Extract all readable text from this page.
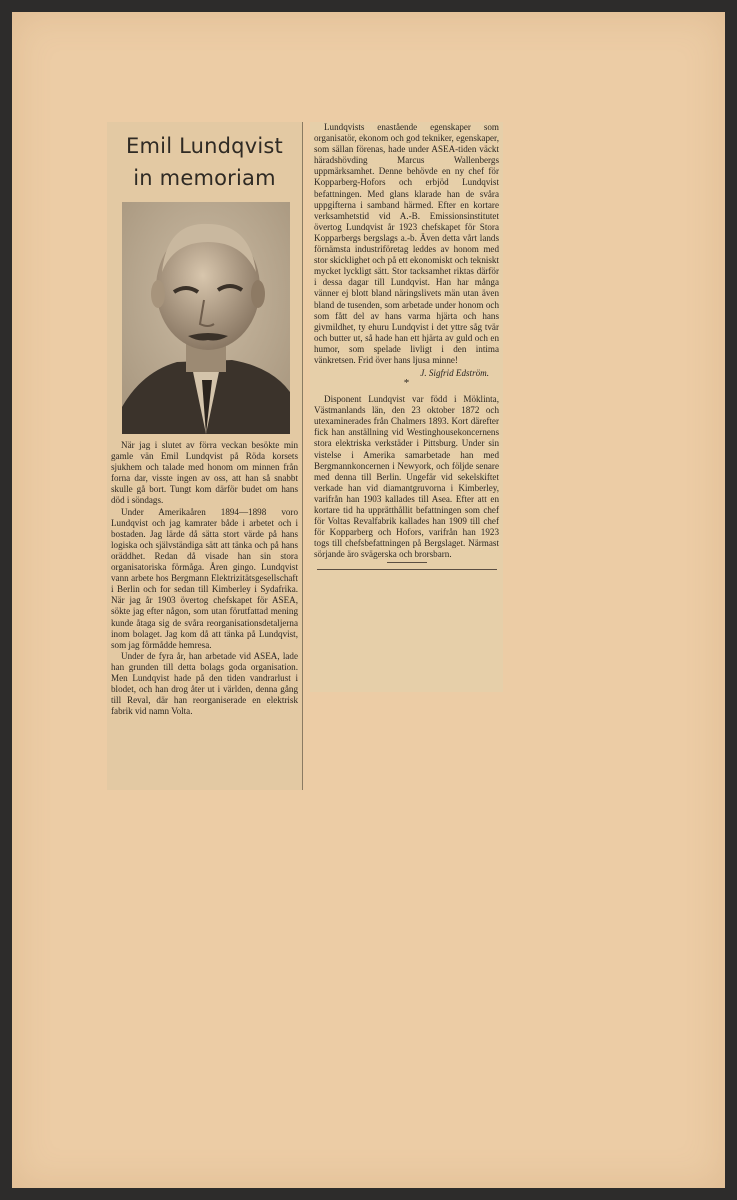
Emil Lundqvist
in memoriam

När jag i slutet av förra veckan besökte min gamle vän Emil Lundqvist på Röda korsets sjukhem och talade med honom om minnen från forna dar, visste ingen av oss, att han så snabbt skulle gå bort. Tungt kom därför budet om hans död i söndags.

Under Amerikaåren 1894—1898 voro Lundqvist och jag kamrater både i arbetet och i bostaden. Jag lärde då sätta stort värde på hans logiska och självständiga sätt att tänka och på hans oräddhet. Redan då visade han sin stora organisatoriska förmåga. Åren gingo. Lundqvist vann arbete hos Bergmann Elektrizitätsgesellschaft i Berlin och for sedan till Kimberley i Sydafrika. När jag år 1903 övertog chefskapet för ASEA, sökte jag efter någon, som utan förutfattad mening kunde åtaga sig de svåra reorganisationsdetaljerna inom bolaget. Jag kom då att tänka på Lundqvist, som jag förmådde hemresa.

Under de fyra år, han arbetade vid ASEA, lade han grunden till detta bolags goda organisation. Men Lundqvist hade på den tiden vandrarlust i blodet, och han drog åter ut i världen, denna gång till Reval, där han reorganiserade en elektrisk fabrik vid namn Volta.

Lundqvists enastående egenskaper som organisatör, ekonom och god tekniker, egenskaper, som sällan förenas, hade under ASEA-tiden väckt häradshövding Marcus Wallenbergs uppmärksamhet. Denne behövde en ny chef för Kopparberg-Hofors och erbjöd Lundqvist befattningen. Med glans klarade han de svåra uppgifterna i samband härmed. Efter en kortare verksamhetstid vid A.-B. Emissionsinstitutet övertog Lundqvist år 1923 chefskapet för Stora Kopparbergs bergslags a.-b. Även detta vårt lands förnämsta industriföretag leddes av honom med stor skicklighet och på ett ekonomiskt och tekniskt mycket lyckligt sätt. Stor tacksamhet riktas därför i dessa dagar till Lundqvist. Han har många vänner ej blott bland näringslivets män utan även bland de tusenden, som arbetade under honom och som fått del av hans varma hjärta och hans givmildhet, ty ehuru Lundqvist i det yttre såg tvär och butter ut, så hade han ett hjärta av guld och en humor, som spelade livligt i den intima vänkretsen. Frid över hans ljusa minne!

J. Sigfrid Edström.
*

Disponent Lundqvist var född i Möklinta, Västmanlands län, den 23 oktober 1872 och utexaminerades från Chalmers 1893. Kort därefter fick han anställning vid Westinghousekoncernens stora elektriska verkstäder i Pittsburg. Under sin vistelse i Amerika samarbetade han med Bergmannkoncernen i Newyork, och följde senare med denna till Berlin. Ungefär vid sekelskiftet verkade han vid diamantgruvorna i Kimberley, varifrån han 1903 kallades till Asea. Efter att en kortare tid ha upprätthållit befattningen som chef för Voltas Revalfabrik kallades han 1909 till chef för Kopparberg och Hofors, varifrån han 1923 togs till chefsbefattningen på Bergslaget. Närmast sörjande äro svägerska och brorsbarn.
